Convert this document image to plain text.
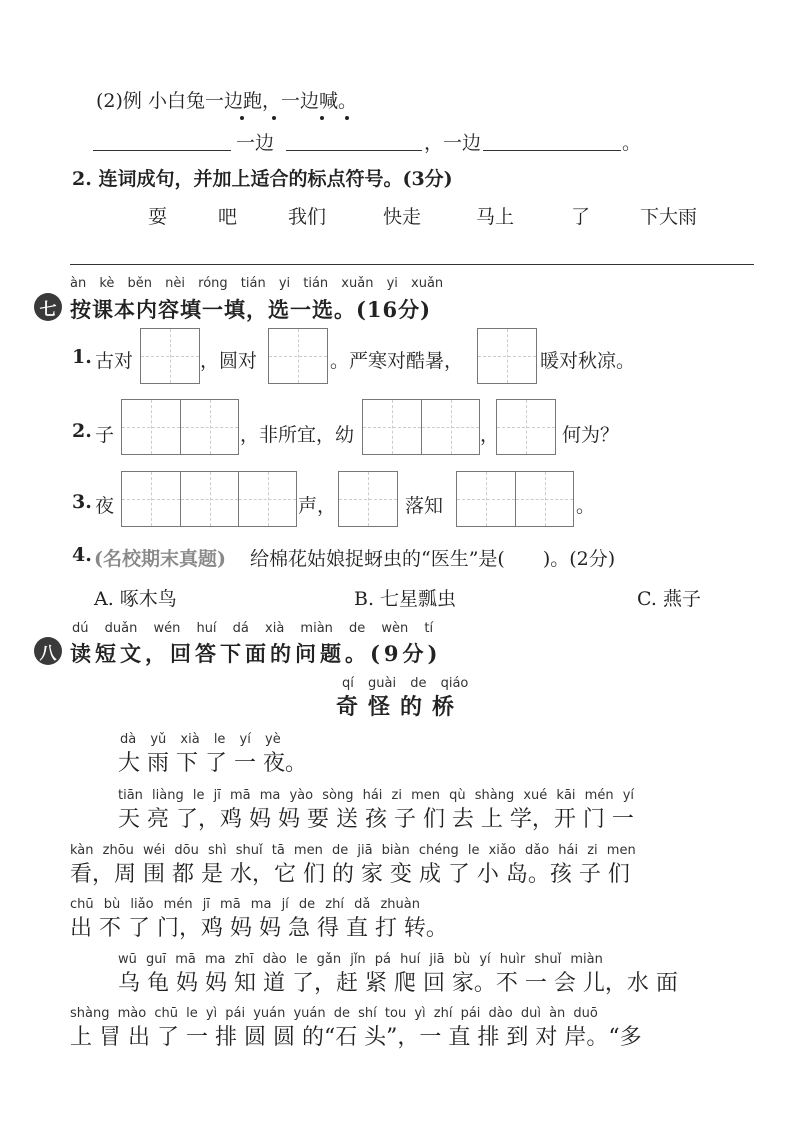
(2)例 小白兔一边跑，一边喊。
一边	，一边	。
2. 连词成句，并加上适合的标点符号。(3分)
耍	吧	我们	快走	马上	了	下大雨
àn kè běn nèi róng tián yi tián xuǎn yi xuǎn
七 按课本内容填一填，选一选。(16分)
1. 古对	，圆对	。严寒对酷暑，	暖对秋凉。
2. 子	，非所宜，幼	，	何为？
3. 夜	声，	落知	。
4. (名校期末真题) 给棉花姑娘捉蚜虫的“医生”是(　　)。(2分)
A. 啄木鸟	B. 七星瓢虫	C. 燕子
dú duǎn wén huí dá xià miàn de wèn tí
八 读短文，回答下面的问题。(9分)
qí guài de qiáo
奇怪的桥
dà yǔ xià le yí yè
大 雨 下 了 一 夜。
tiān liàng le jī mā ma yào sòng hái zi men qù shàng xué kāi mén yí
天 亮 了，鸡 妈 妈 要 送 孩 子 们 去 上 学，开 门 一
kàn zhōu wéi dōu shì shuǐ tā men de jiā biàn chéng le xiǎo dǎo hái zi men
看，周 围 都 是 水，它 们 的 家 变 成 了 小 岛。孩 子 们
chū bù liǎo mén jī mā ma jí de zhí dǎ zhuàn
出 不 了 门，鸡 妈 妈 急 得 直 打 转。
wū guī mā ma zhī dào le gǎn jǐn pá huí jiā bù yí huìr shuǐ miàn
乌 龟 妈 妈 知 道 了，赶 紧 爬 回 家。不 一 会 儿，水 面
shàng mào chū le yì pái yuán yuán de shí tou yì zhí pái dào duì àn duō
上 冒 出 了 一 排 圆 圆 的“石 头”，一 直 排 到 对 岸。“多
